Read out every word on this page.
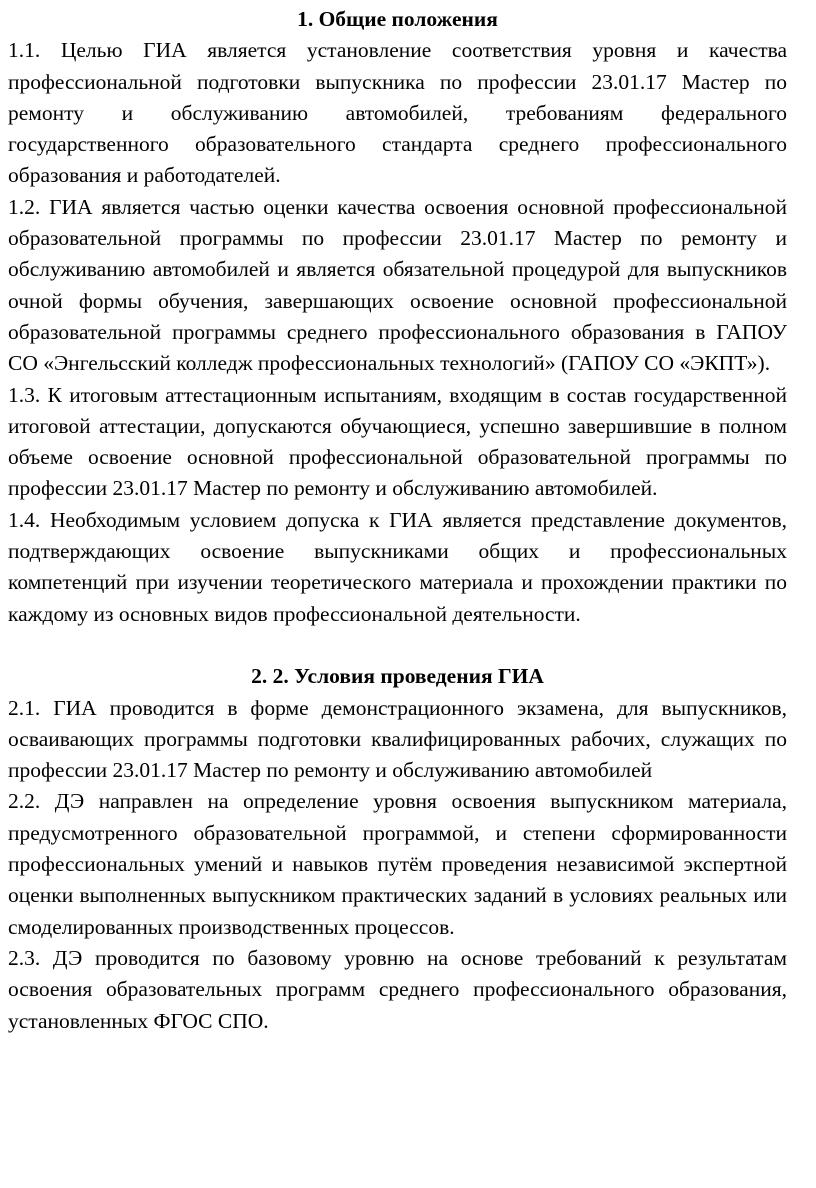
1. Общие положения

1.1. Целью ГИА является установление соответствия уровня и качества профессиональной подготовки выпускника по профессии 23.01.17 Мастер по ремонту и обслуживанию автомобилей, требованиям федерального государственного образовательного стандарта среднего профессионального образования и работодателей.

1.2. ГИА является частью оценки качества освоения основной профессиональной образовательной программы по профессии 23.01.17 Мастер по ремонту и обслуживанию автомобилей и является обязательной процедурой для выпускников очной формы обучения, завершающих освоение основной профессиональной образовательной программы среднего профессионального образования в ГАПОУ СО «Энгельсский колледж профессиональных технологий» (ГАПОУ СО «ЭКПТ»).

1.3. К итоговым аттестационным испытаниям, входящим в состав государственной итоговой аттестации, допускаются обучающиеся, успешно завершившие в полном объеме освоение основной профессиональной образовательной программы по профессии 23.01.17 Мастер по ремонту и обслуживанию автомобилей.

1.4. Необходимым условием допуска к ГИА является представление документов, подтверждающих освоение выпускниками общих и профессиональных компетенций при изучении теоретического материала и прохождении практики по каждому из основных видов профессиональной деятельности.

2. 2. Условия проведения ГИА

2.1. ГИА проводится в форме демонстрационного экзамена, для выпускников, осваивающих программы подготовки квалифицированных рабочих, служащих по профессии 23.01.17 Мастер по ремонту и обслуживанию автомобилей

2.2. ДЭ направлен на определение уровня освоения выпускником материала, предусмотренного образовательной программой, и степени сформированности профессиональных умений и навыков путём проведения независимой экспертной оценки выполненных выпускником практических заданий в условиях реальных или смоделированных производственных процессов.

2.3. ДЭ проводится по базовому уровню на основе требований к результатам освоения образовательных программ среднего профессионального образования, установленных ФГОС СПО.
